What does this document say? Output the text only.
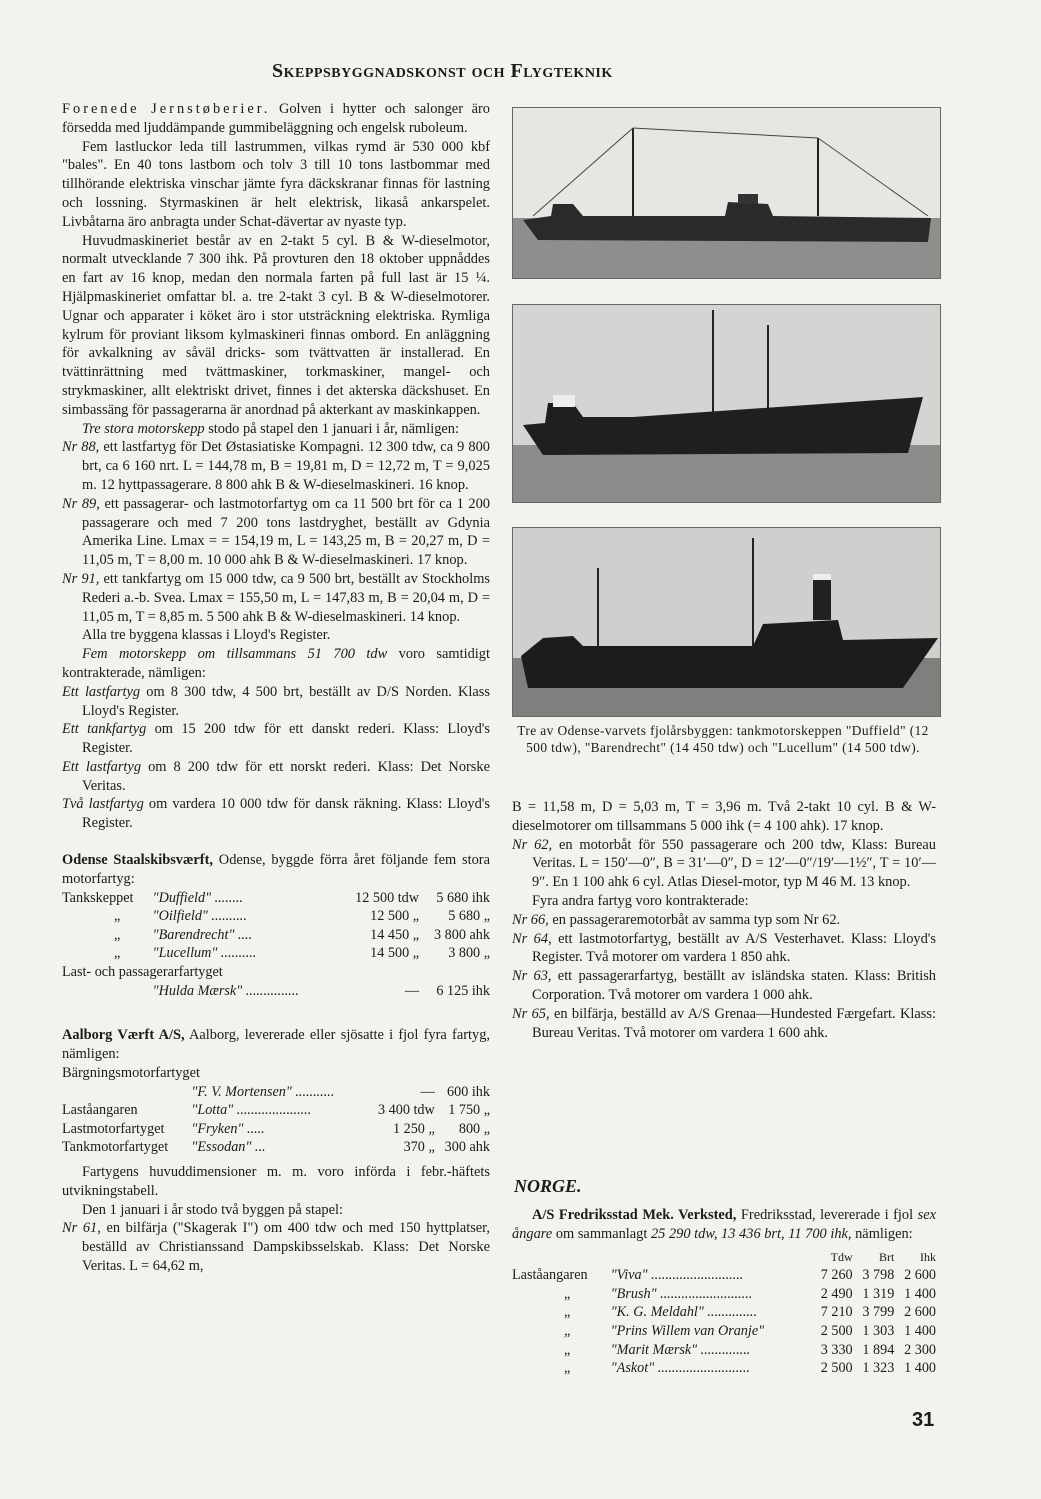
Skeppsbyggnadskonst och Flygteknik

Forenede Jernstøberier. Golven i hytter och salonger äro försedda med ljuddämpande gummibeläggning och engelsk ruboleum.

Fem lastluckor leda till lastrummen, vilkas rymd är 530 000 kbf "bales". En 40 tons lastbom och tolv 3 till 10 tons lastbommar med tillhörande elektriska vinschar jämte fyra däckskranar finnas för lastning och lossning. Styrmaskinen är helt elektrisk, likaså ankarspelet. Livbåtarna äro anbragta under Schat-dävertar av nyaste typ.

Huvudmaskineriet består av en 2-takt 5 cyl. B & W-dieselmotor, normalt utvecklande 7 300 ihk. På provturen den 18 oktober uppnåddes en fart av 16 knop, medan den normala farten på full last är 15 ¼. Hjälpmaskineriet omfattar bl. a. tre 2-takt 3 cyl. B & W-dieselmotorer. Ugnar och apparater i köket äro i stor utsträckning elektriska. Rymliga kylrum för proviant liksom kylmaskineri finnas ombord. En anläggning för avkalkning av såväl dricks- som tvättvatten är installerad. En tvättinrättning med tvättmaskiner, torkmaskiner, mangel- och strykmaskiner, allt elektriskt drivet, finnes i det akterska däckshuset. En simbassäng för passagerarna är anordnad på akterkant av maskinkappen.

Tre stora motorskepp stodo på stapel den 1 januari i år, nämligen:

Nr 88, ett lastfartyg för Det Østasiatiske Kompagni. 12 300 tdw, ca 9 800 brt, ca 6 160 nrt. L = 144,78 m, B = 19,81 m, D = 12,72 m, T = 9,025 m. 12 hyttpassagerare. 8 800 ahk B & W-dieselmaskineri. 16 knop.

Nr 89, ett passagerar- och lastmotorfartyg om ca 11 500 brt för ca 1 200 passagerare och med 7 200 tons lastdryghet, beställt av Gdynia Amerika Line. Lmax = = 154,19 m, L = 143,25 m, B = 20,27 m, D = 11,05 m, T = 8,00 m. 10 000 ahk B & W-dieselmaskineri. 17 knop.

Nr 91, ett tankfartyg om 15 000 tdw, ca 9 500 brt, beställt av Stockholms Rederi a.-b. Svea. Lmax = 155,50 m, L = 147,83 m, B = 20,04 m, D = 11,05 m, T = 8,85 m. 5 500 ahk B & W-dieselmaskineri. 14 knop.

Alla tre byggena klassas i Lloyd's Register.

Fem motorskepp om tillsammans 51 700 tdw voro samtidigt kontrakterade, nämligen:

Ett lastfartyg om 8 300 tdw, 4 500 brt, beställt av D/S Norden. Klass Lloyd's Register.

Ett tankfartyg om 15 200 tdw för ett danskt rederi. Klass: Lloyd's Register.

Ett lastfartyg om 8 200 tdw för ett norskt rederi. Klass: Det Norske Veritas.

Två lastfartyg om vardera 10 000 tdw för dansk räkning. Klass: Lloyd's Register.

Odense Staalskibsværft, Odense, byggde förra året följande fem stora motorfartyg:

Tankskeppet	"Duffield" ........	12 500 tdw	5 680 ihk
„	"Oilfield" ..........	12 500 „	5 680 „
„	"Barendrecht" ....	14 450 „	3 800 ahk
„	"Lucellum" ..........	14 500 „	3 800 „
Last- och passagerarfartyget			
	"Hulda Mærsk" ...............	—	6 125 ihk

Aalborg Værft A/S, Aalborg, levererade eller sjösatte i fjol fyra fartyg, nämligen:

Bärgningsmotorfartyget
	"F. V. Mortensen" ...........	—	600 ihk
Laståangaren	"Lotta" .....................	3 400 tdw	1 750 „
Lastmotorfartyget	"Fryken" .....	1 250 „	800 „
Tankmotorfartyget	"Essodan" ...	370 „	300 ahk

Fartygens huvuddimensioner m. m. voro införda i febr.-häftets utvikningstabell.

Den 1 januari i år stodo två byggen på stapel:

Nr 61, en bilfärja ("Skagerak I") om 400 tdw och med 150 hyttplatser, beställd av Christianssand Dampskibsselskab. Klass: Det Norske Veritas. L = 64,62 m,

Tre av Odense-varvets fjolårsbyggen: tankmotorskeppen "Duffield" (12 500 tdw), "Barendrecht" (14 450 tdw) och "Lucellum" (14 500 tdw).

B = 11,58 m, D = 5,03 m, T = 3,96 m. Två 2-takt 10 cyl. B & W-dieselmotorer om tillsammans 5 000 ihk (= 4 100 ahk). 17 knop.

Nr 62, en motorbåt för 550 passagerare och 200 tdw, Klass: Bureau Veritas. L = 150′—0″, B = 31′—0″, D = 12′—0″/19′—1½″, T = 10′—9″. En 1 100 ahk 6 cyl. Atlas Diesel-motor, typ M 46 M. 13 knop.

Fyra andra fartyg voro kontrakterade:

Nr 66, en passageraremotorbåt av samma typ som Nr 62.

Nr 64, ett lastmotorfartyg, beställt av A/S Vesterhavet. Klass: Lloyd's Register. Två motorer om vardera 1 850 ahk.

Nr 63, ett passagerarfartyg, beställt av isländska staten. Klass: British Corporation. Två motorer om vardera 1 000 ahk.

Nr 65, en bilfärja, beställd av A/S Grenaa—Hundested Færgefart. Klass: Bureau Veritas. Två motorer om vardera 1 600 ahk.

NORGE.

A/S Fredriksstad Mek. Verksted, Fredriksstad, levererade i fjol sex ångare om sammanlagt 25 290 tdw, 13 436 brt, 11 700 ihk, nämligen:

		Tdw	Brt	Ihk
Laståangaren	"Viva" ..........................	7 260	3 798	2 600
„	"Brush" ..........................	2 490	1 319	1 400
„	"K. G. Meldahl" ..............	7 210	3 799	2 600
„	"Prins Willem van Oranje"	2 500	1 303	1 400
„	"Marit Mærsk" ..............	3 330	1 894	2 300
„	"Askot" ..........................	2 500	1 323	1 400
31
